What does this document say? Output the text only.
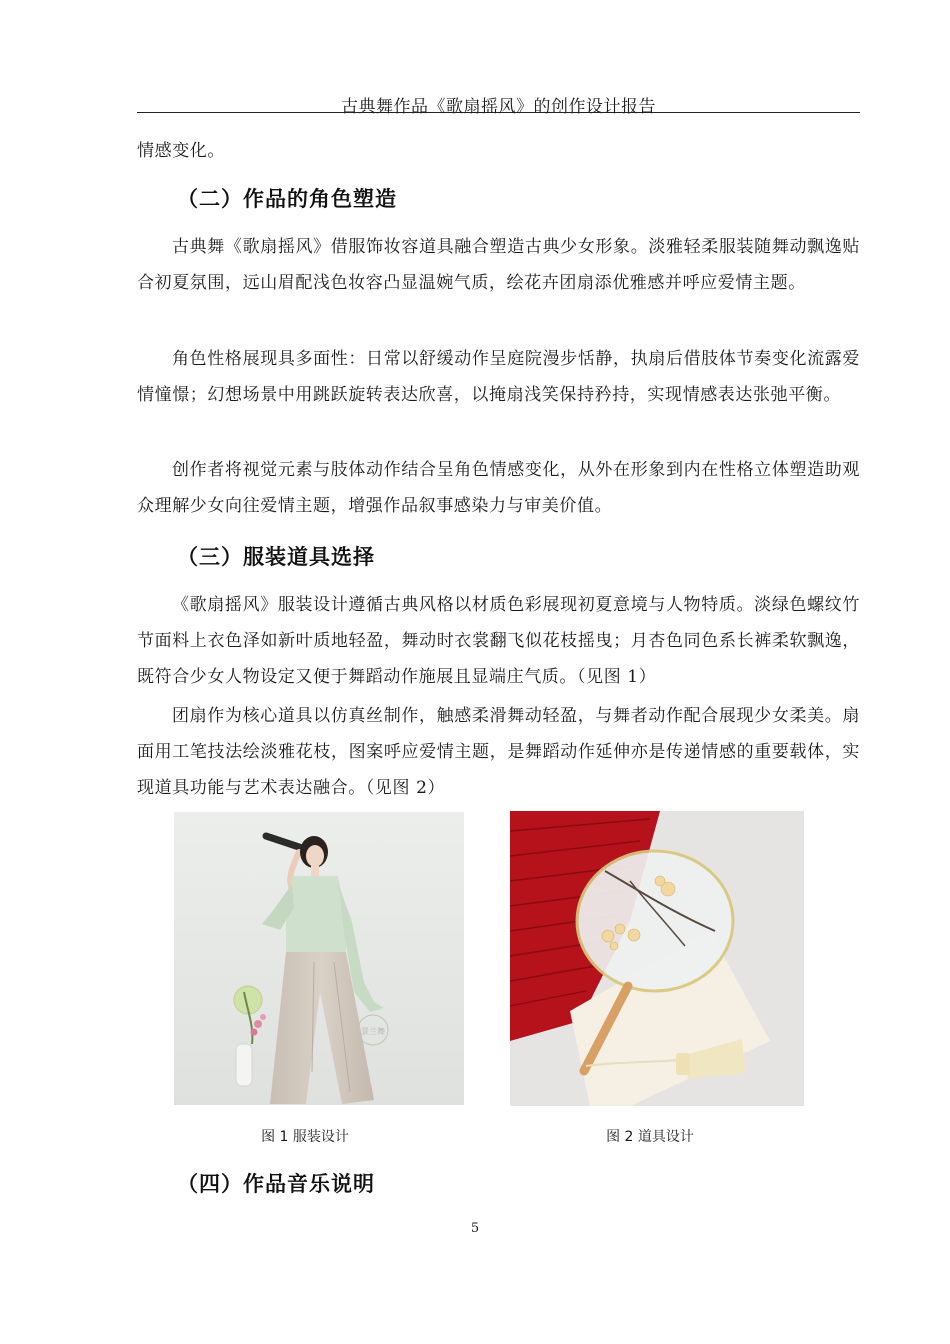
古典舞作品《歌扇摇风》的创作设计报告

情感变化。

（二）作品的角色塑造

古典舞《歌扇摇风》借服饰妆容道具融合塑造古典少女形象。淡雅轻柔服装随舞动飘逸贴合初夏氛围，远山眉配浅色妆容凸显温婉气质，绘花卉团扇添优雅感并呼应爱情主题。

角色性格展现具多面性：日常以舒缓动作呈庭院漫步恬静，执扇后借肢体节奏变化流露爱情憧憬；幻想场景中用跳跃旋转表达欣喜，以掩扇浅笑保持矜持，实现情感表达张弛平衡。

创作者将视觉元素与肢体动作结合呈角色情感变化，从外在形象到内在性格立体塑造助观众理解少女向往爱情主题，增强作品叙事感染力与审美价值。

（三）服装道具选择

《歌扇摇风》服装设计遵循古典风格以材质色彩展现初夏意境与人物特质。淡绿色螺纹竹节面料上衣色泽如新叶质地轻盈，舞动时衣裳翻飞似花枝摇曳；月杏色同色系长裤柔软飘逸，既符合少女人物设定又便于舞蹈动作施展且显端庄气质。（见图 1）

团扇作为核心道具以仿真丝制作，触感柔滑舞动轻盈，与舞者动作配合展现少女柔美。扇面用工笔技法绘淡雅花枝，图案呼应爱情主题，是舞蹈动作延伸亦是传递情感的重要载体，实现道具功能与艺术表达融合。（见图 2）

景兰舞
图 1 服装设计	图 2 道具设计
（四）作品音乐说明
5
